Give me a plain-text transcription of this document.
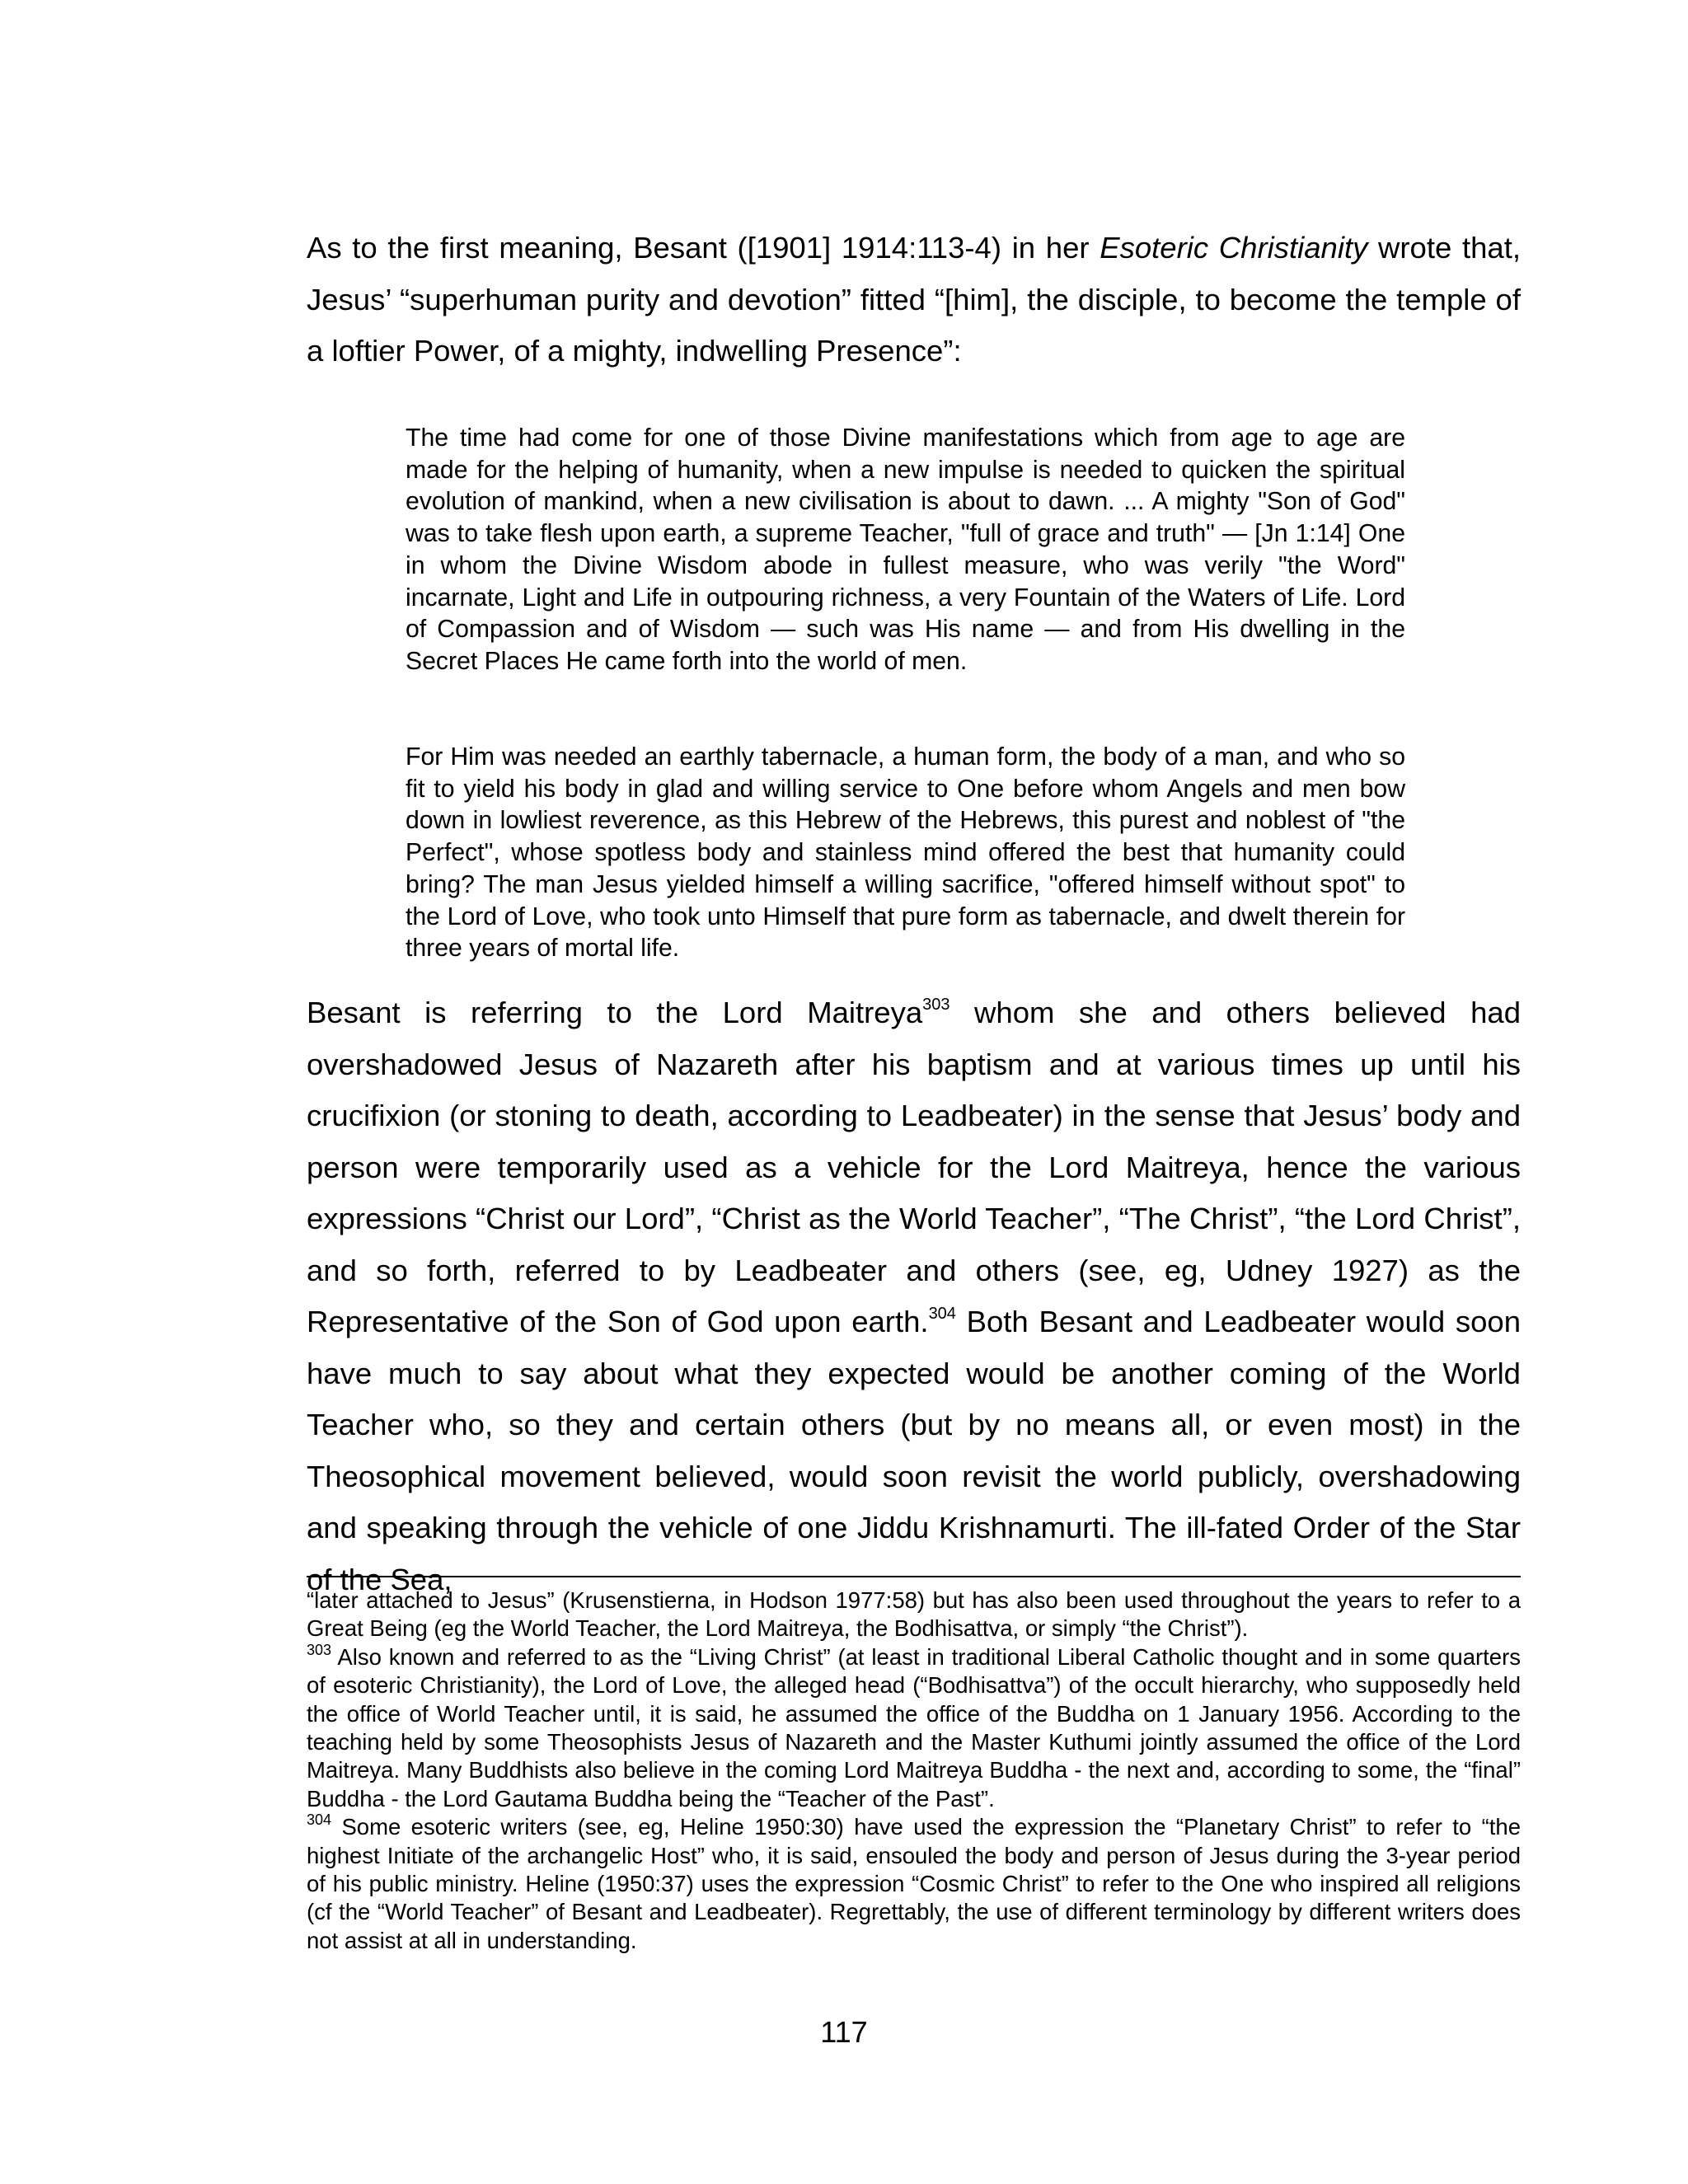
As to the first meaning, Besant ([1901] 1914:113-4) in her Esoteric Christianity wrote that, Jesus’ “superhuman purity and devotion” fitted “[him], the disciple, to become the temple of a loftier Power, of a mighty, indwelling Presence”:

The time had come for one of those Divine manifestations which from age to age are made for the helping of humanity, when a new impulse is needed to quicken the spiritual evolution of mankind, when a new civilisation is about to dawn. ... A mighty "Son of God" was to take flesh upon earth, a supreme Teacher, "full of grace and truth" — [Jn 1:14] One in whom the Divine Wisdom abode in fullest measure, who was verily "the Word" incarnate, Light and Life in outpouring richness, a very Fountain of the Waters of Life. Lord of Compassion and of Wisdom — such was His name — and from His dwelling in the Secret Places He came forth into the world of men.

For Him was needed an earthly tabernacle, a human form, the body of a man, and who so fit to yield his body in glad and willing service to One before whom Angels and men bow down in lowliest reverence, as this Hebrew of the Hebrews, this purest and noblest of "the Perfect", whose spotless body and stainless mind offered the best that humanity could bring? The man Jesus yielded himself a willing sacrifice, "offered himself without spot" to the Lord of Love, who took unto Himself that pure form as tabernacle, and dwelt therein for three years of mortal life.

Besant is referring to the Lord Maitreya$^{303}$ whom she and others believed had overshadowed Jesus of Nazareth after his baptism and at various times up until his crucifixion (or stoning to death, according to Leadbeater) in the sense that Jesus’ body and person were temporarily used as a vehicle for the Lord Maitreya, hence the various expressions “Christ our Lord”, “Christ as the World Teacher”, “The Christ”, “the Lord Christ”, and so forth, referred to by Leadbeater and others (see, eg, Udney 1927) as the Representative of the Son of God upon earth.$^{304}$ Both Besant and Leadbeater would soon have much to say about what they expected would be another coming of the World Teacher who, so they and certain others (but by no means all, or even most) in the Theosophical movement believed, would soon revisit the world publicly, overshadowing and speaking through the vehicle of one Jiddu Krishnamurti. The ill-fated Order of the Star of the Sea,

“later attached to Jesus” (Krusenstierna, in Hodson 1977:58) but has also been used throughout the years to refer to a Great Being (eg the World Teacher, the Lord Maitreya, the Bodhisattva, or simply “the Christ”).

$^{303}$ Also known and referred to as the “Living Christ” (at least in traditional Liberal Catholic thought and in some quarters of esoteric Christianity), the Lord of Love, the alleged head (“Bodhisattva”) of the occult hierarchy, who supposedly held the office of World Teacher until, it is said, he assumed the office of the Buddha on 1 January 1956. According to the teaching held by some Theosophists Jesus of Nazareth and the Master Kuthumi jointly assumed the office of the Lord Maitreya. Many Buddhists also believe in the coming Lord Maitreya Buddha - the next and, according to some, the “final” Buddha - the Lord Gautama Buddha being the “Teacher of the Past”.

$^{304}$ Some esoteric writers (see, eg, Heline 1950:30) have used the expression the “Planetary Christ” to refer to “the highest Initiate of the archangelic Host” who, it is said, ensouled the body and person of Jesus during the 3-year period of his public ministry. Heline (1950:37) uses the expression “Cosmic Christ” to refer to the One who inspired all religions (cf the “World Teacher” of Besant and Leadbeater). Regrettably, the use of different terminology by different writers does not assist at all in understanding.

117
